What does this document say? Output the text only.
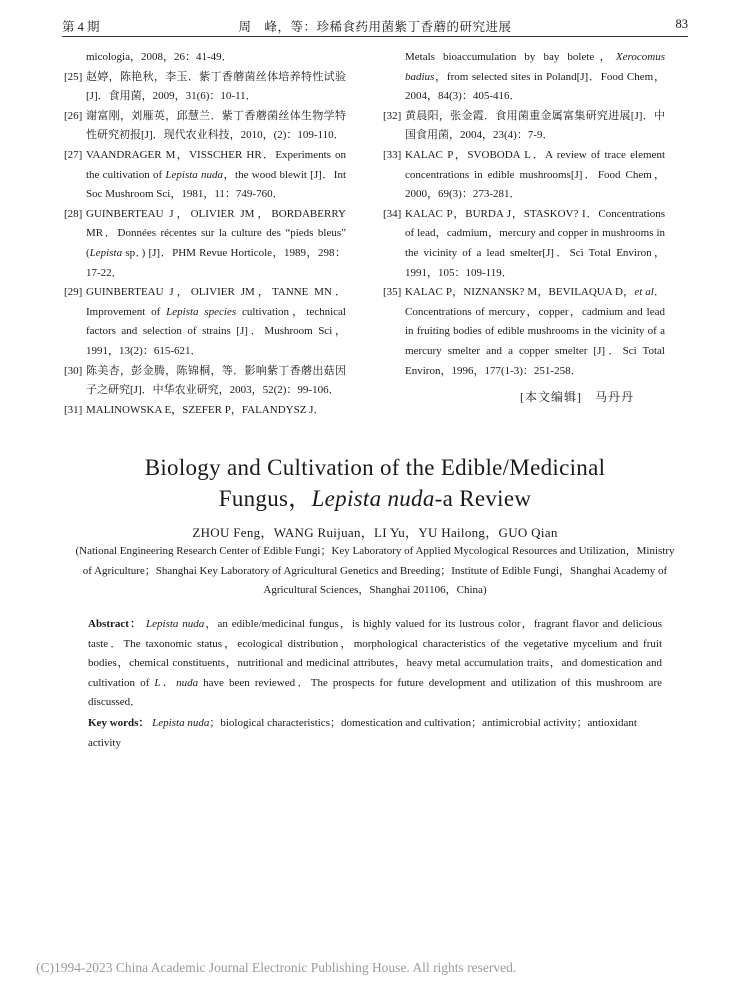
第 4 期	周　峰，等：珍稀食药用菌紫丁香蘑的研究进展	83
micologia，2008，26：41-49．
[25] 赵婷，陈艳秋，李玉．紫丁香蘑菌丝体培养特性试验[J]．食用菌，2009，31(6)：10-11．
[26] 谢富刚，刘雁英，邱慧兰．紫丁香蘑菌丝体生物学特性研究初报[J]．现代农业科技，2010，(2)：109-110．
[27] VAANDRAGER M，VISSCHER HR．Experiments on the cultivation of Lepista nuda，the wood blewit [J]．Int Soc Mushroom Sci，1981，11：749-760．
[28] GUINBERTEAU J，OLIVIER JM，BORDABERRY MR．Données récentes sur la culture des “pieds bleus” (Lepista sp．) [J]．PHM Revue Horticole，1989，298：17-22．
[29] GUINBERTEAU J，OLIVIER JM，TANNE MN．Improvement of Lepista species cultivation，technical factors and selection of strains [J]．Mushroom Sci，1991，13(2)：615-621．
[30] 陈美杏，彭金腾，陈锦桐，等．影响紫丁香蘑出菇因子之研究[J]．中华农业研究，2003，52(2)：99-106．
[31] MALINOWSKA E，SZEFER P，FALANDYSZ J．
Metals bioaccumulation by bay bolete，Xerocomus badius，from selected sites in Poland[J]．Food Chem，2004，84(3)：405-416．
[32] 黄晨阳，张金霞．食用菌重金属富集研究进展[J]．中国食用菌，2004，23(4)：7-9．
[33] KALAC P，SVOBODA L．A review of trace element concentrations in edible mushrooms[J]．Food Chem，2000，69(3)：273-281．
[34] KALAC P，BURDA J，STASKOV? I．Concentrations of lead，cadmium，mercury and copper in mushrooms in the vicinity of a lead smelter[J]．Sci Total Environ，1991，105：109-119．
[35] KALAC P，NIZNANSK? M，BEVILAQUA D，et al．Concentrations of mercury，copper，cadmium and lead in fruiting bodies of edible mushrooms in the vicinity of a mercury smelter and a copper smelter [J]．Sci Total Environ，1996，177(1-3)：251-258．
[本文编辑]　马丹丹
Biology and Cultivation of the Edible/Medicinal
Fungus，Lepista nuda-a Review
ZHOU Feng，WANG Ruijuan，LI Yu，YU Hailong，GUO Qian
(National Engineering Research Center of Edible Fungi；Key Laboratory of Applied Mycological Resources and Utilization，Ministry of Agriculture；Shanghai Key Laboratory of Agricultural Genetics and Breeding；Institute of Edible Fungi，Shanghai Academy of Agricultural Sciences，Shanghai 201106，China)
Abstract： Lepista nuda，an edible/medicinal fungus，is highly valued for its lustrous color，fragrant flavor and delicious taste．The taxonomic status，ecological distribution，morphological characteristics of the vegetative mycelium and fruit bodies，chemical constituents，nutritional and medicinal attributes，heavy metal accumulation traits，and domestication and cultivation of L．nuda have been reviewed．The prospects for future development and utilization of this mushroom are discussed．
Key words： Lepista nuda；biological characteristics；domestication and cultivation；antimicrobial activity；antioxidant activity
(C)1994-2023 China Academic Journal Electronic Publishing House. All rights reserved.
